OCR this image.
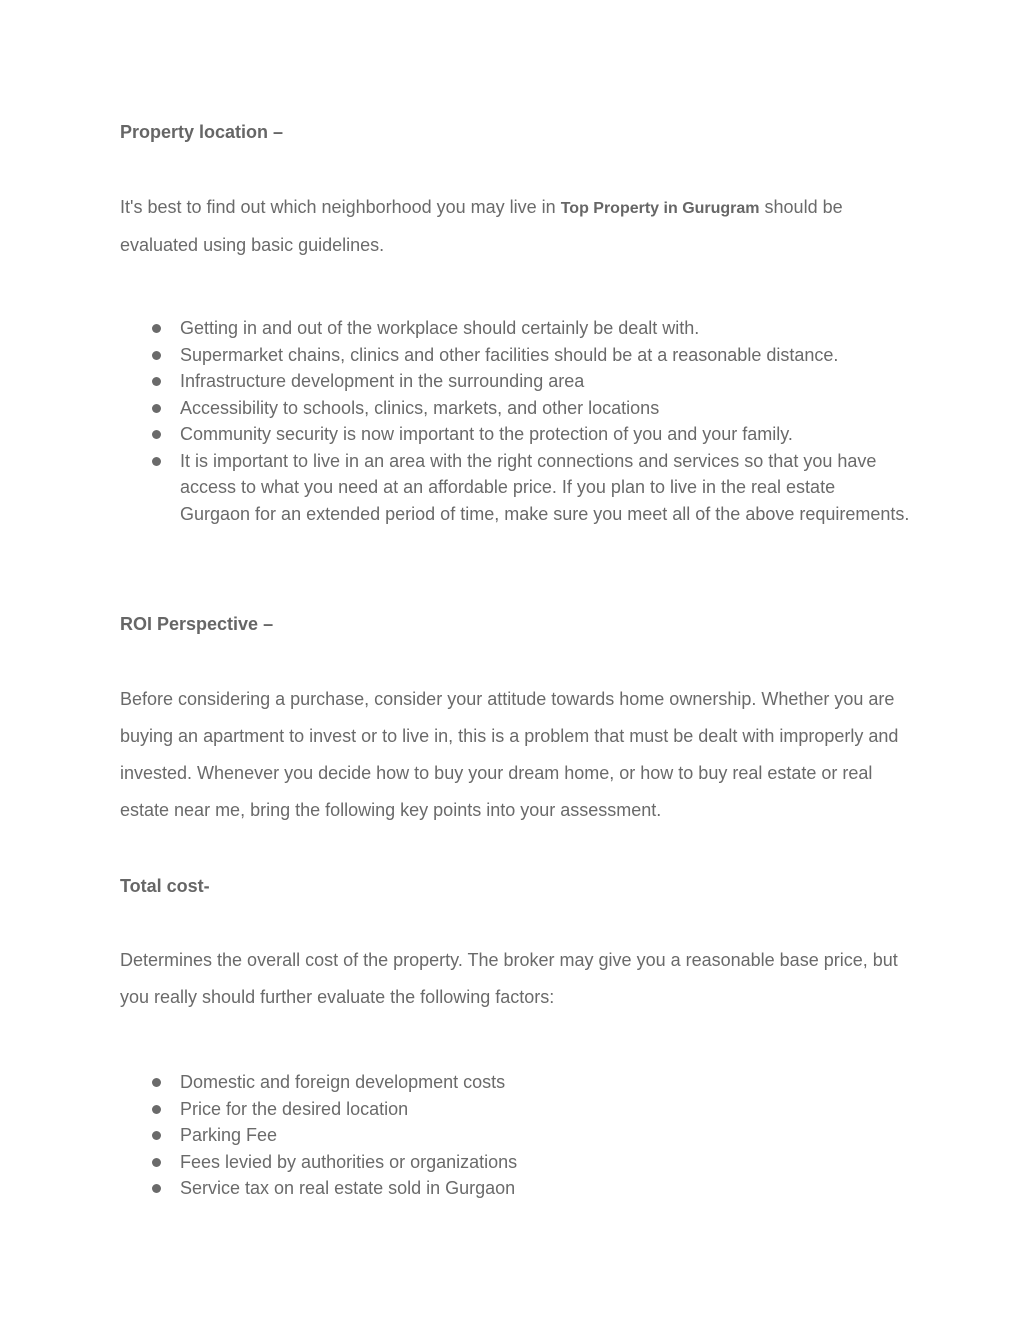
Property location –

It's best to find out which neighborhood you may live in Top Property in Gurugram should be evaluated using basic guidelines.

Getting in and out of the workplace should certainly be dealt with.
Supermarket chains, clinics and other facilities should be at a reasonable distance.
Infrastructure development in the surrounding area
Accessibility to schools, clinics, markets, and other locations
Community security is now important to the protection of you and your family.
It is important to live in an area with the right connections and services so that you have access to what you need at an affordable price. If you plan to live in the real estate Gurgaon for an extended period of time, make sure you meet all of the above requirements.
ROI Perspective –

Before considering a purchase, consider your attitude towards home ownership. Whether you are buying an apartment to invest or to live in, this is a problem that must be dealt with improperly and invested. Whenever you decide how to buy your dream home, or how to buy real estate or real estate near me, bring the following key points into your assessment.

Total cost-

Determines the overall cost of the property. The broker may give you a reasonable base price, but you really should further evaluate the following factors:

Domestic and foreign development costs
Price for the desired location
Parking Fee
Fees levied by authorities or organizations
Service tax on real estate sold in Gurgaon
